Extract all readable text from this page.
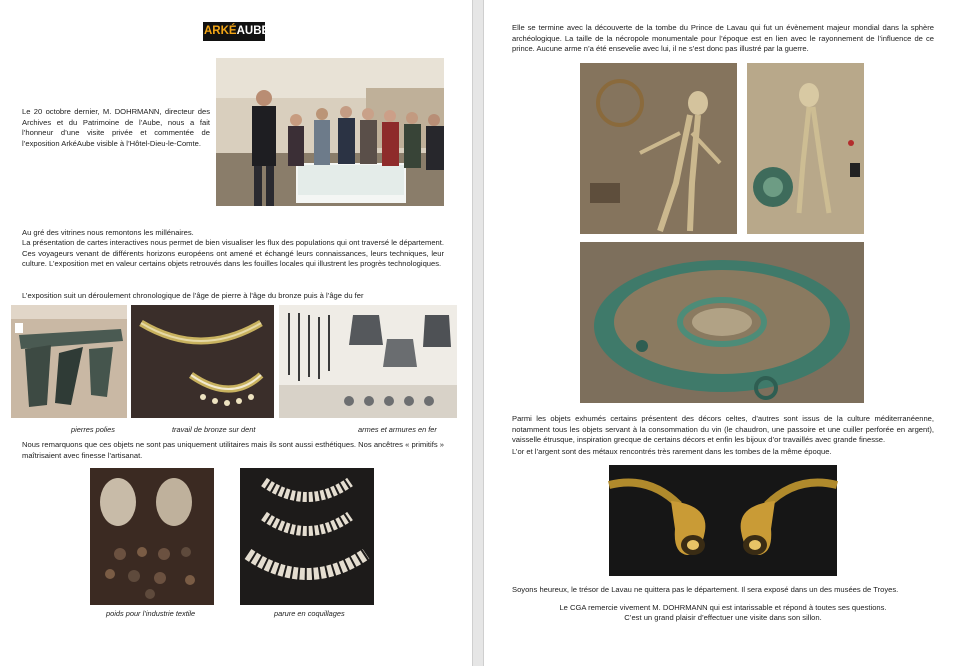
ARKÉAUBE
Le 20 octobre dernier, M. DOHRMANN, directeur des Archives et du Patrimoine de l’Aube, nous a fait l’honneur d’une visite privée et commentée de l’exposition ArkéAube visible à l’Hôtel-Dieu-le-Comte.
Au gré des vitrines nous remontons les millénaires.
La présentation de cartes interactives nous permet de bien visualiser les flux des populations qui ont traversé le département. Ces voyageurs venant de différents horizons européens ont amené et échangé leurs connaissances, leurs techniques, leur culture. L’exposition met en valeur certains objets retrouvés dans les fouilles locales qui illustrent les progrès technologiques.
L’exposition suit un déroulement chronologique de l’âge de pierre à l’âge du bronze puis à l’âge du fer
pierres polies	travail de bronze sur dent	armes et armures en fer
Nous remarquons que ces objets ne sont pas uniquement utilitaires mais ils sont aussi esthétiques. Nos ancêtres « primitifs » maîtrisaient avec finesse l’artisanat.
poids pour l’industrie textile	parure en coquillages
Elle se termine avec la découverte de la tombe du Prince de Lavau qui fut un évènement majeur mondial dans la sphère archéologique. La taille de la nécropole monumentale pour l’époque est en lien avec le rayonnement de l’influence de ce prince. Aucune arme n’a été ensevelie avec lui, il ne s’est donc pas illustré par la guerre.
Parmi les objets exhumés certains présentent des décors celtes, d’autres sont issus de la culture méditerranéenne, notamment tous les objets servant à la consommation du vin (le chaudron, une passoire et une cuiller perforée en argent), vaisselle étrusque, inspiration grecque de certains décors et enfin les bijoux d’or travaillés avec grande finesse.
L’or et l’argent sont des métaux rencontrés très rarement dans les tombes de la même époque.
Soyons heureux, le trésor de Lavau ne quittera pas le département. Il sera exposé dans un des musées de Troyes.
Le CGA remercie vivement M. DOHRMANN qui est intarissable et répond à toutes ses questions.
C’est un grand plaisir d’effectuer une visite dans son sillon.
